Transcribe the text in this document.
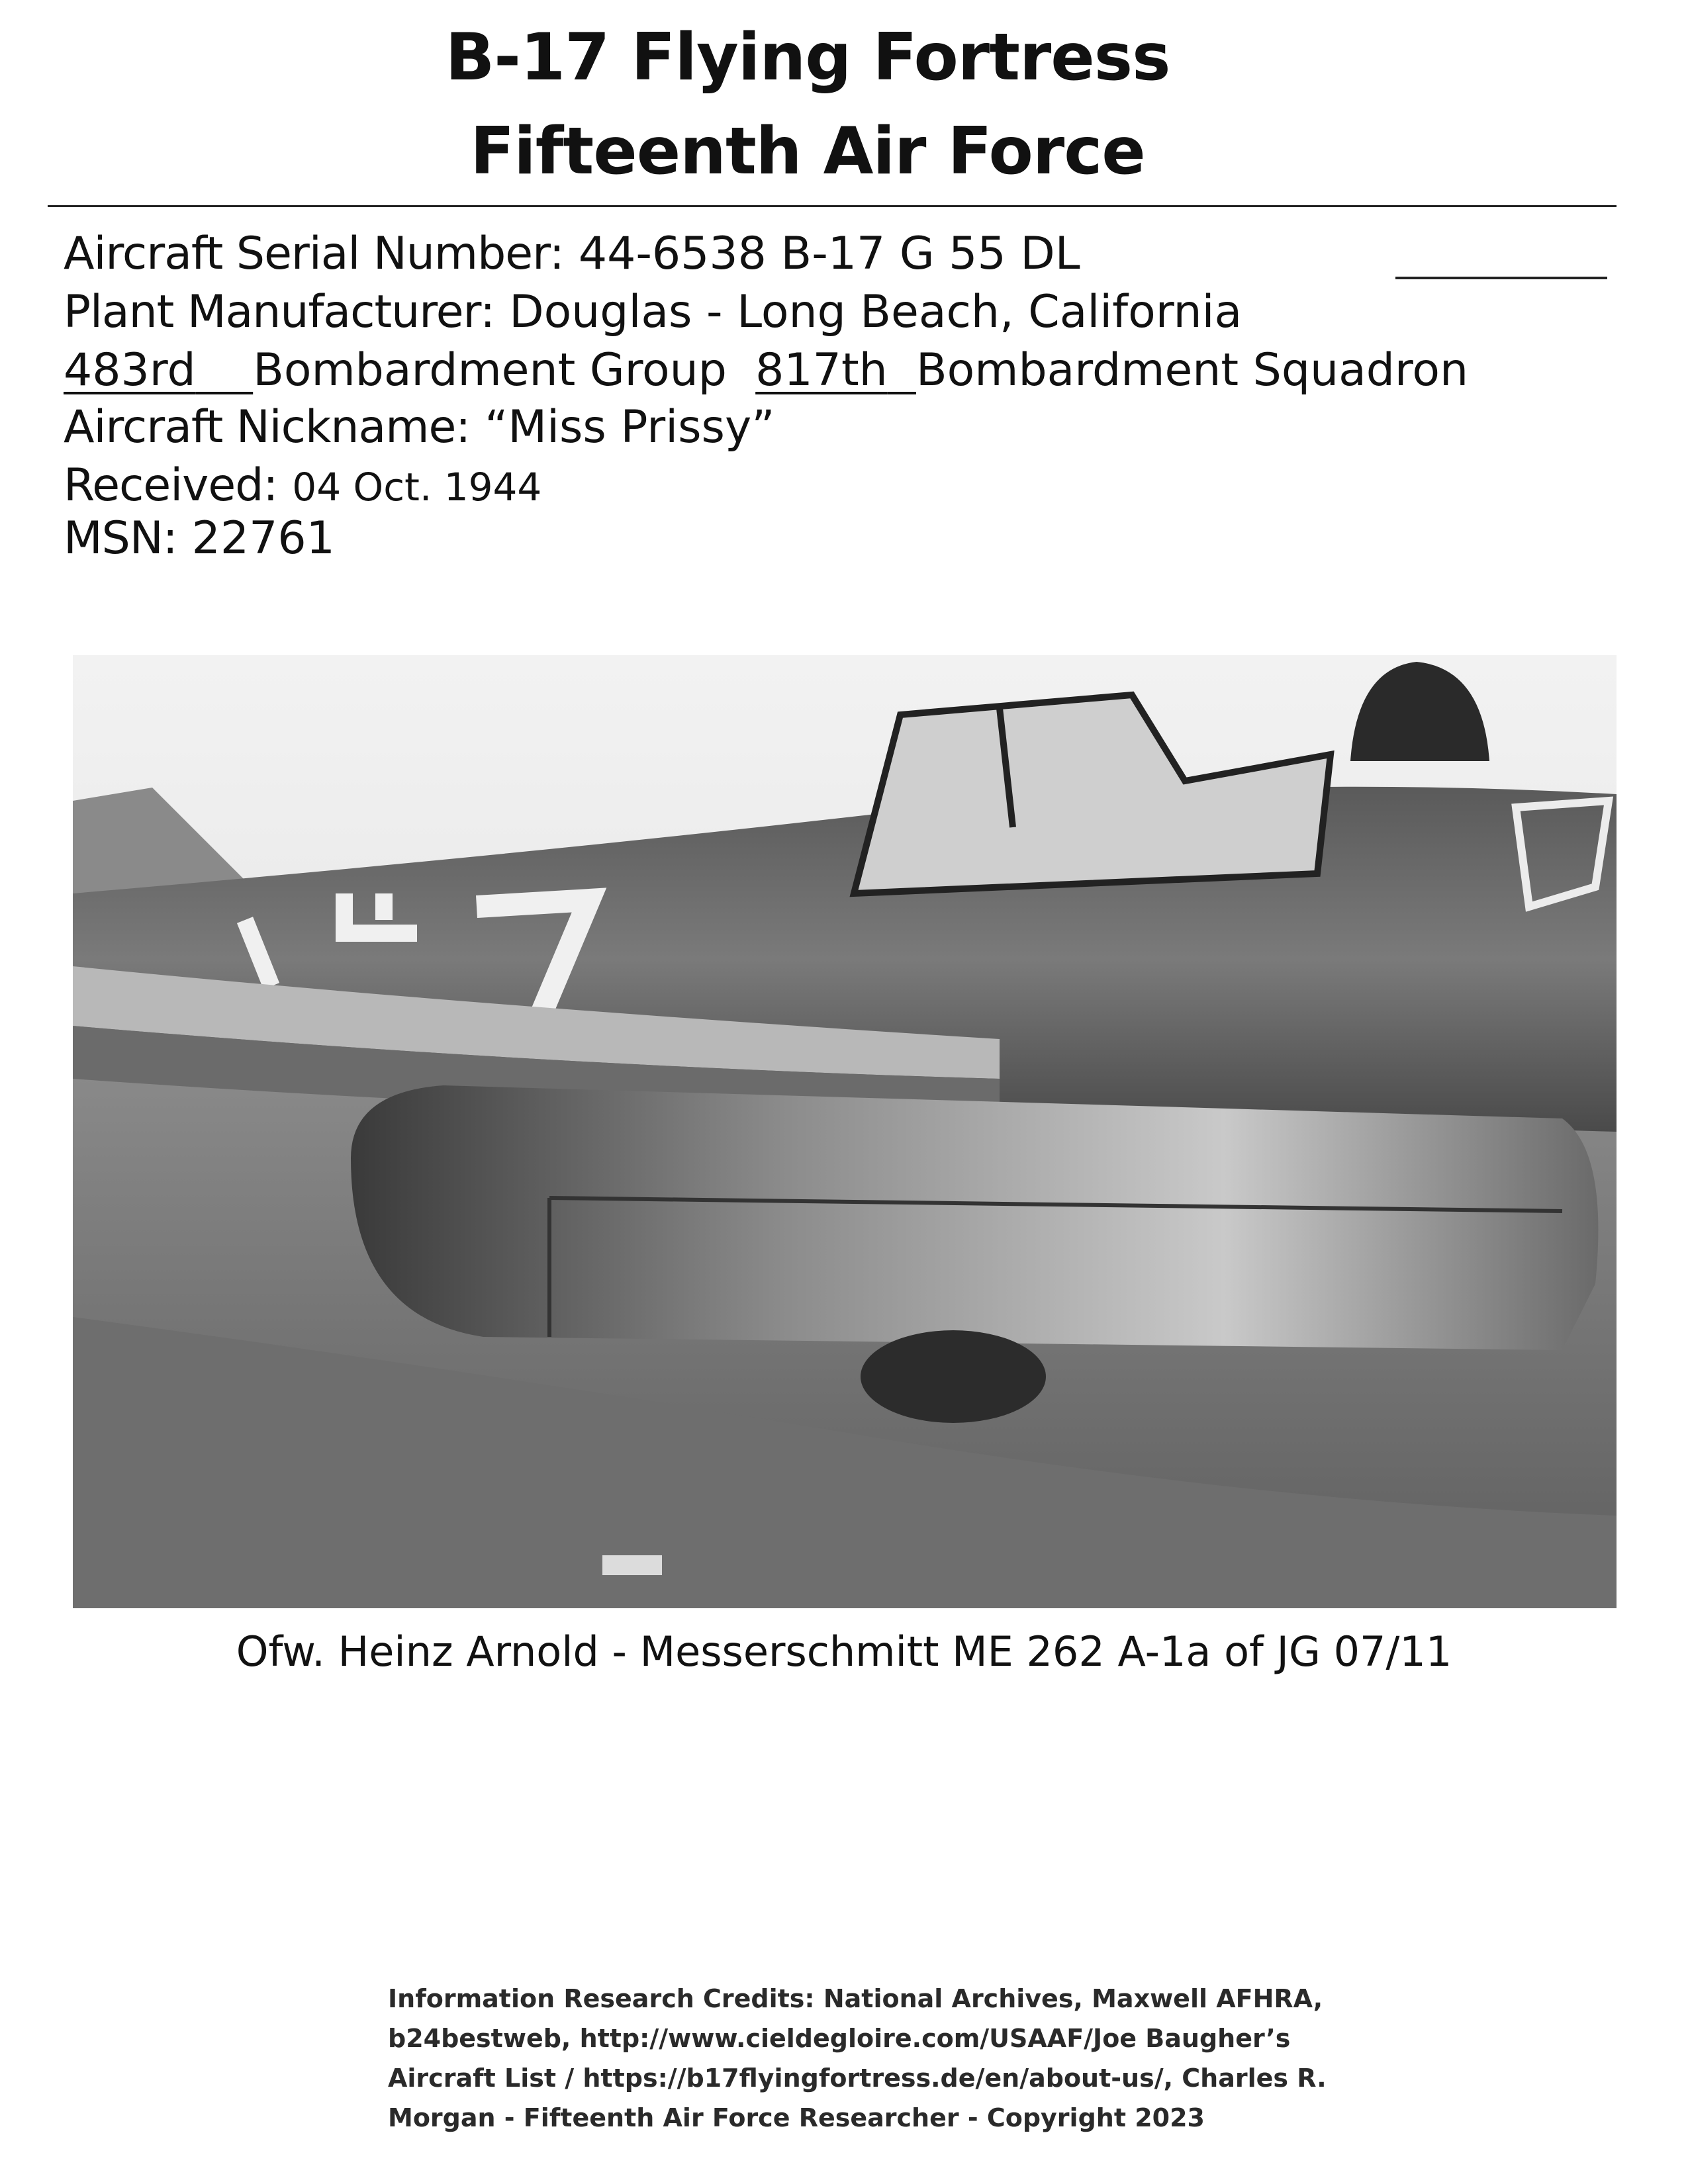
B-17 Flying Fortress
Fifteenth Air Force
Aircraft Serial Number: 44-6538 B-17 G 55 DL
Plant Manufacturer: Douglas - Long Beach, California
483rd Bombardment Group 817th Bombardment Squadron
Aircraft Nickname: “Miss Prissy”
Received: 04 Oct. 1944
MSN: 22761
Ofw. Heinz Arnold - Messerschmitt ME 262 A-1a of JG 07/11
Information Research Credits: National Archives, Maxwell AFHRA,
b24bestweb, http://www.cieldegloire.com/USAAF/Joe Baugher’s
Aircraft List / https://b17flyingfortress.de/en/about-us/, Charles R.
Morgan - Fifteenth Air Force Researcher - Copyright 2023
